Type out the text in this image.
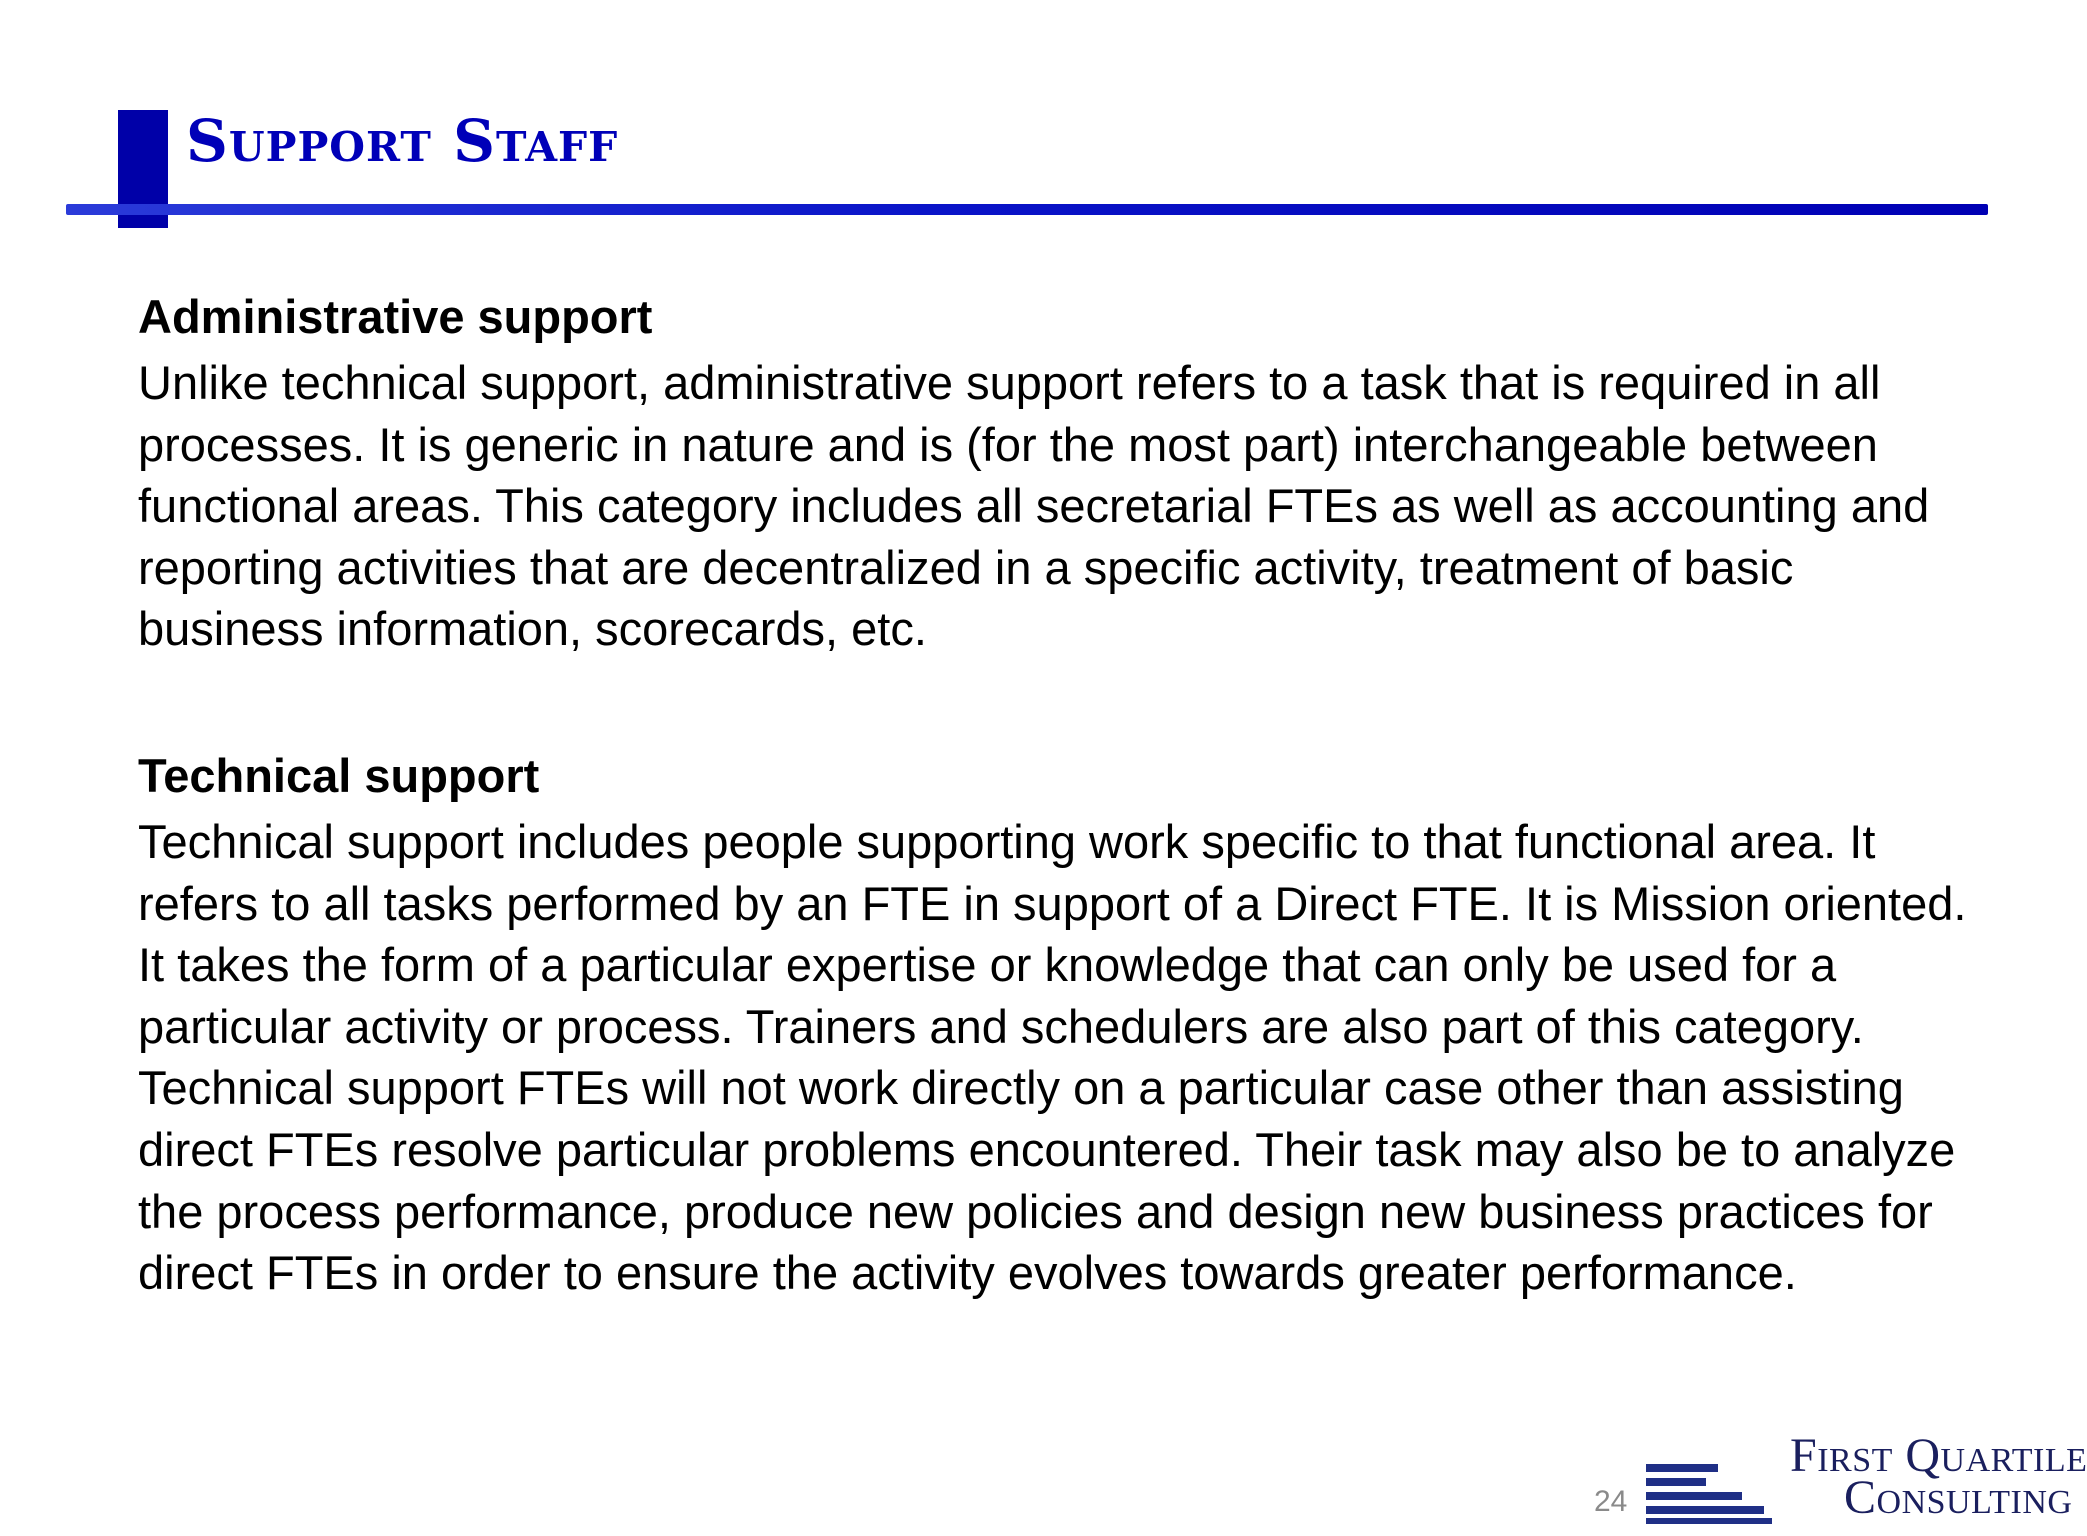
Support Staff

Administrative support

Unlike technical support, administrative support refers to a task that is required in all processes. It is generic in nature and is (for the most part) interchangeable between functional areas. This category includes all secretarial FTEs as well as accounting and reporting activities that are decentralized in a specific activity, treatment of basic business information, scorecards, etc.

Technical support

Technical support includes people supporting work specific to that functional area. It refers to all tasks performed by an FTE in support of a Direct FTE. It is Mission oriented. It takes the form of a particular expertise or knowledge that can only be used for a particular activity or process. Trainers and schedulers are also part of this category. Technical support FTEs will not work directly on a particular case other than assisting direct FTEs resolve particular problems encountered. Their task may also be to analyze the process performance, produce new policies and design new business practices for direct FTEs in order to ensure the activity evolves towards greater performance.

24
First Quartile
Consulting
